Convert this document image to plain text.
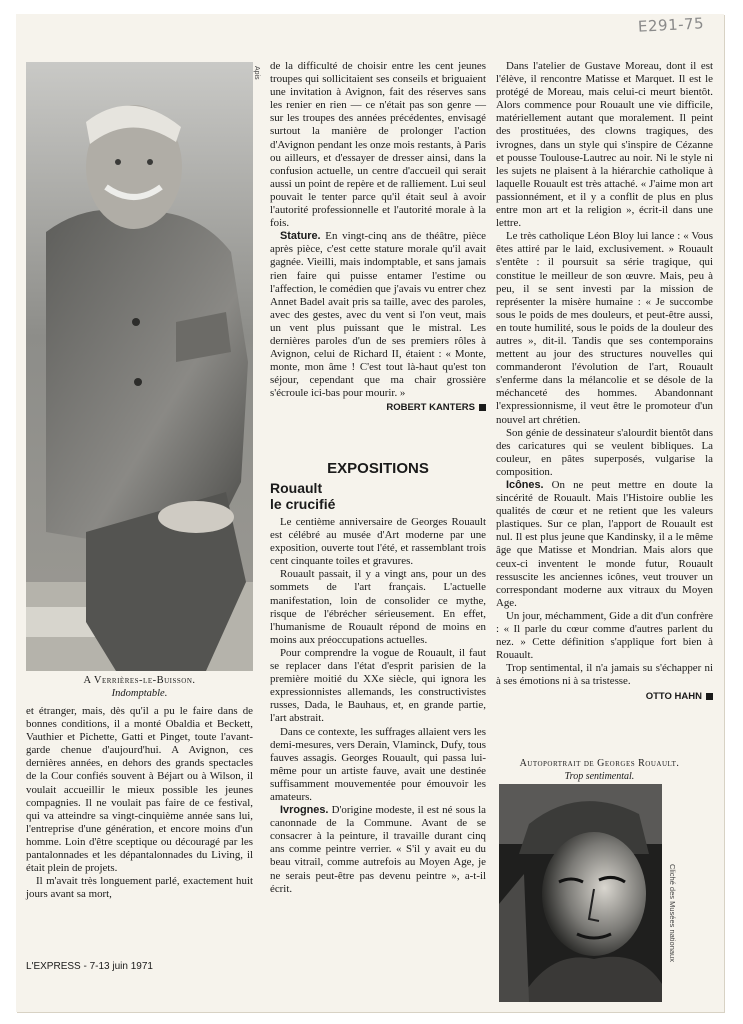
E291-75
Apis
A Verrières-le-Buisson.
Indomptable.

et étranger, mais, dès qu'il a pu le faire dans de bonnes conditions, il a monté Obaldia et Beckett, Vauthier et Pichette, Gatti et Pinget, toute l'avant-garde chenue d'aujourd'hui. A Avignon, ces dernières années, en dehors des grands spectacles de la Cour confiés souvent à Béjart ou à Wilson, il voulait accueillir le mieux possible les jeunes compagnies. Il ne voulait pas faire de ce festival, qui va atteindre sa vingt-cinquième année sans lui, l'entreprise d'une génération, et encore moins d'un homme. Loin d'être sceptique ou découragé par les pantalonnades et les dépantalonnades du Living, il était plein de projets.

Il m'avait très longuement parlé, exactement huit jours avant sa mort,

L'EXPRESS - 7-13 juin 1971

de la difficulté de choisir entre les cent jeunes troupes qui sollicitaient ses conseils et briguaient une invitation à Avignon, fait des réserves sans les renier en rien — ce n'était pas son genre — sur les troupes des années précédentes, envisagé surtout la manière de prolonger l'action d'Avignon pendant les onze mois restants, à Paris ou ailleurs, et d'essayer de dresser ainsi, dans la confusion actuelle, un centre d'accueil qui serait aussi un point de repère et de ralliement. Lui seul pouvait le tenter parce qu'il était seul à avoir l'autorité professionnelle et l'autorité morale à la fois.

Stature. En vingt-cinq ans de théâtre, pièce après pièce, c'est cette stature morale qu'il avait gagnée. Vieilli, mais indomptable, et sans jamais rien faire qui puisse entamer l'estime ou l'affection, le comédien que j'avais vu entrer chez Annet Badel avait pris sa taille, avec des paroles, avec des gestes, avec du vent si l'on veut, mais un vent plus puissant que le mistral. Les dernières paroles d'un de ses premiers rôles à Avignon, celui de Richard II, étaient : « Monte, monte, mon âme ! C'est tout là-haut qu'est ton séjour, cependant que ma chair grossière s'écroule ici-bas pour mourir. »

ROBERT KANTERS
EXPOSITIONS
Rouault
le crucifié

Le centième anniversaire de Georges Rouault est célébré au musée d'Art moderne par une exposition, ouverte tout l'été, et rassemblant trois cent cinquante toiles et gravures.

Rouault passait, il y a vingt ans, pour un des sommets de l'art français. L'actuelle manifestation, loin de consolider ce mythe, risque de l'ébrécher sérieusement. En effet, l'humanisme de Rouault répond de moins en moins aux préoccupations actuelles.

Pour comprendre la vogue de Rouault, il faut se replacer dans l'état d'esprit parisien de la première moitié du XXe siècle, qui ignora les expressionnistes allemands, les constructivistes russes, Dada, le Bauhaus, et, en grande partie, l'art abstrait.

Dans ce contexte, les suffrages allaient vers les demi-mesures, vers Derain, Vlaminck, Dufy, tous fauves assagis. Georges Rouault, qui passa lui-même pour un artiste fauve, avait une destinée suffisamment mouvementée pour émouvoir les amateurs.

Ivrognes. D'origine modeste, il est né sous la canonnade de la Commune. Avant de se consacrer à la peinture, il travaille durant cinq ans comme peintre verrier. « S'il y avait eu du beau vitrail, comme autrefois au Moyen Age, je ne serais peut-être pas devenu peintre », a-t-il écrit.

Dans l'atelier de Gustave Moreau, dont il est l'élève, il rencontre Matisse et Marquet. Il est le protégé de Moreau, mais celui-ci meurt bientôt. Alors commence pour Rouault une vie difficile, matériellement autant que moralement. Il peint des prostituées, des clowns tragiques, des ivrognes, dans un style qui s'inspire de Cézanne et pousse Toulouse-Lautrec au noir. Ni le style ni les sujets ne plaisent à la hiérarchie catholique à laquelle Rouault est très attaché. « J'aime mon art passionnément, et il y a conflit de plus en plus entre mon art et la religion », écrit-il dans une lettre.

Le très catholique Léon Bloy lui lance : « Vous êtes attiré par le laid, exclusivement. » Rouault s'entête : il poursuit sa série tragique, qui constitue le meilleur de son œuvre. Mais, peu à peu, il se sent investi par la mission de représenter la misère humaine : « Je succombe sous le poids de mes douleurs, et peut-être aussi, en toute humilité, sous le poids de la douleur des autres », dit-il. Tandis que ses contemporains mettent au jour des structures nouvelles qui commanderont l'évolution de l'art, Rouault s'enferme dans la mélancolie et se désole de la méchanceté des hommes. Abandonnant l'expressionnisme, il veut être le promoteur d'un nouvel art chrétien.

Son génie de dessinateur s'alourdit bientôt dans des caricatures qui se veulent bibliques. La couleur, en pâtes superposés, vulgarise la composition.

Icônes. On ne peut mettre en doute la sincérité de Rouault. Mais l'Histoire oublie les qualités de cœur et ne retient que les valeurs plastiques. Sur ce plan, l'apport de Rouault est nul. Il est plus jeune que Kandinsky, il a le même âge que Matisse et Mondrian. Mais alors que ceux-ci inventent le monde futur, Rouault ressuscite les anciennes icônes, veut trouver un correspondant moderne aux vitraux du Moyen Age.

Un jour, méchamment, Gide a dit d'un confrère : « Il parle du cœur comme d'autres parlent du nez. » Cette définition s'applique fort bien à Rouault.

Trop sentimental, il n'a jamais su s'échapper ni à ses émotions ni à sa tristesse.

OTTO HAHN
Autoportrait de Georges Rouault.
Trop sentimental.
Cliché des Musées nationaux
